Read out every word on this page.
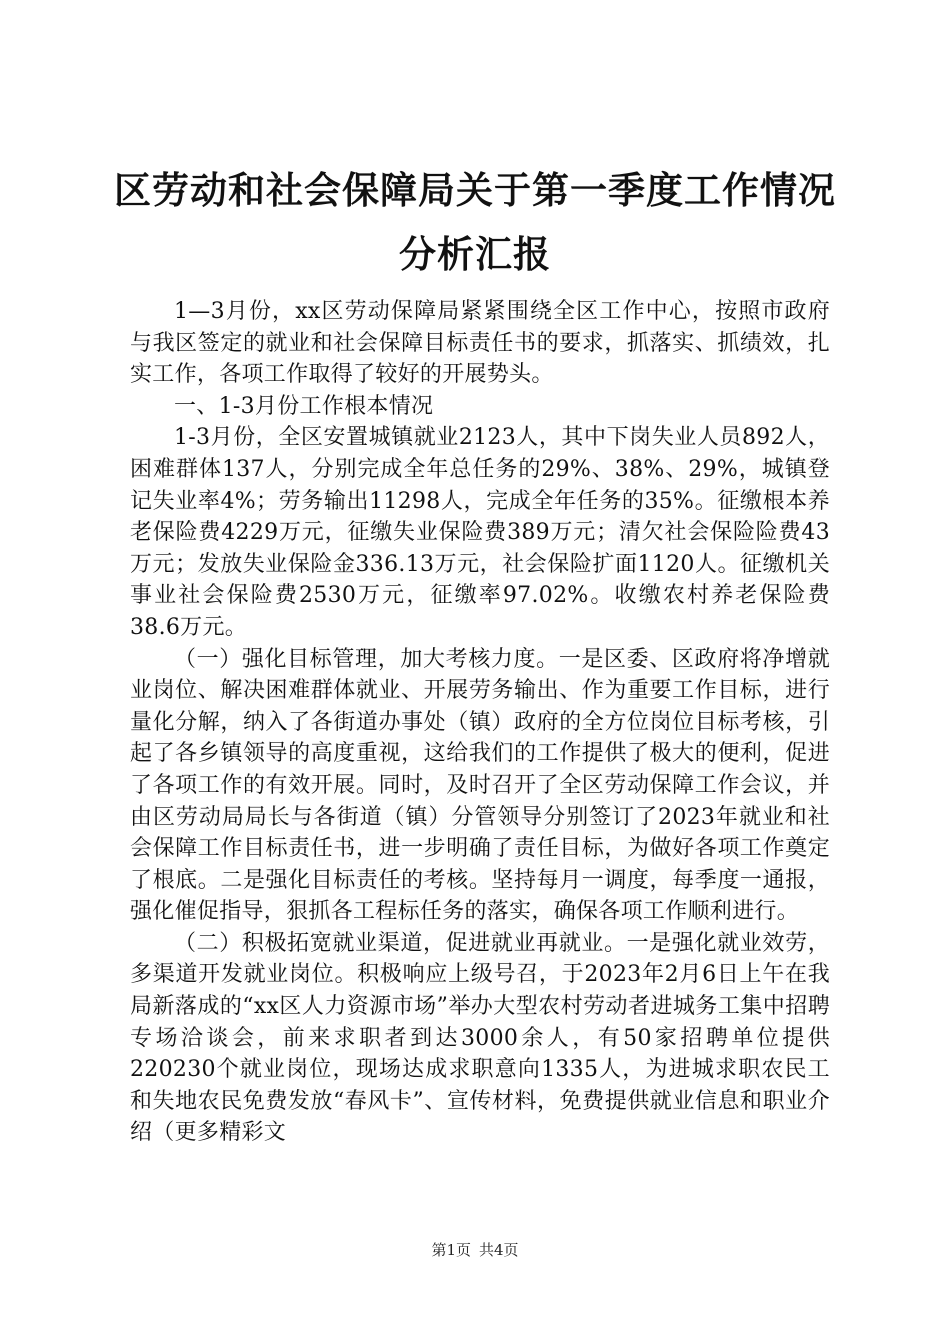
区劳动和社会保障局关于第一季度工作情况分析汇报

1—3月份，xx区劳动保障局紧紧围绕全区工作中心，按照市政府与我区签定的就业和社会保障目标责任书的要求，抓落实、抓绩效，扎实工作，各项工作取得了较好的开展势头。

一、1-3月份工作根本情况

1-3月份，全区安置城镇就业2123人，其中下岗失业人员892人，困难群体137人，分别完成全年总任务的29%、38%、29%，城镇登记失业率4%；劳务输出11298人，完成全年任务的35%。征缴根本养老保险费4229万元，征缴失业保险费389万元；清欠社会保险险费43万元；发放失业保险金336.13万元，社会保险扩面1120人。征缴机关事业社会保险费2530万元，征缴率97.02%。收缴农村养老保险费38.6万元。

（一）强化目标管理，加大考核力度。一是区委、区政府将净增就业岗位、解决困难群体就业、开展劳务输出、作为重要工作目标，进行量化分解，纳入了各街道办事处（镇）政府的全方位岗位目标考核，引起了各乡镇领导的高度重视，这给我们的工作提供了极大的便利，促进了各项工作的有效开展。同时，及时召开了全区劳动保障工作会议，并由区劳动局局长与各街道（镇）分管领导分别签订了2023年就业和社会保障工作目标责任书，进一步明确了责任目标，为做好各项工作奠定了根底。二是强化目标责任的考核。坚持每月一调度，每季度一通报，强化催促指导，狠抓各工程标任务的落实，确保各项工作顺利进行。

（二）积极拓宽就业渠道，促进就业再就业。一是强化就业效劳，多渠道开发就业岗位。积极响应上级号召，于2023年2月6日上午在我局新落成的“xx区人力资源市场”举办大型农村劳动者进城务工集中招聘专场洽谈会，前来求职者到达3000余人，有50家招聘单位提供220230个就业岗位，现场达成求职意向1335人，为进城求职农民工和失地农民免费发放“春风卡”、宣传材料，免费提供就业信息和职业介绍（更多精彩文

第1页 共4页
